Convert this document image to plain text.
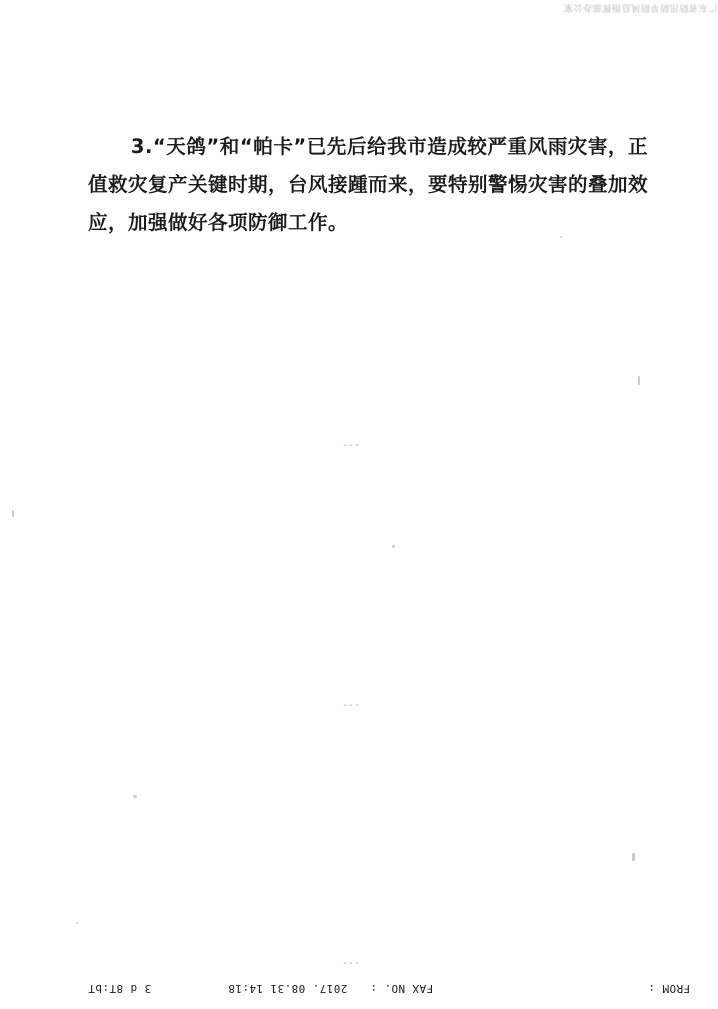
广东省防汛防旱防风总指挥部办公室

3.“天鸽”和“帕卡”已先后给我市造成较严重风雨灾害，正值救灾复产关键时期，台风接踵而来，要特别警惕灾害的叠加效应，加强做好各项防御工作。

---
---
---
3 d 8T:bT	2017. 08.31 14:18 FAX NO. :	FROM :
